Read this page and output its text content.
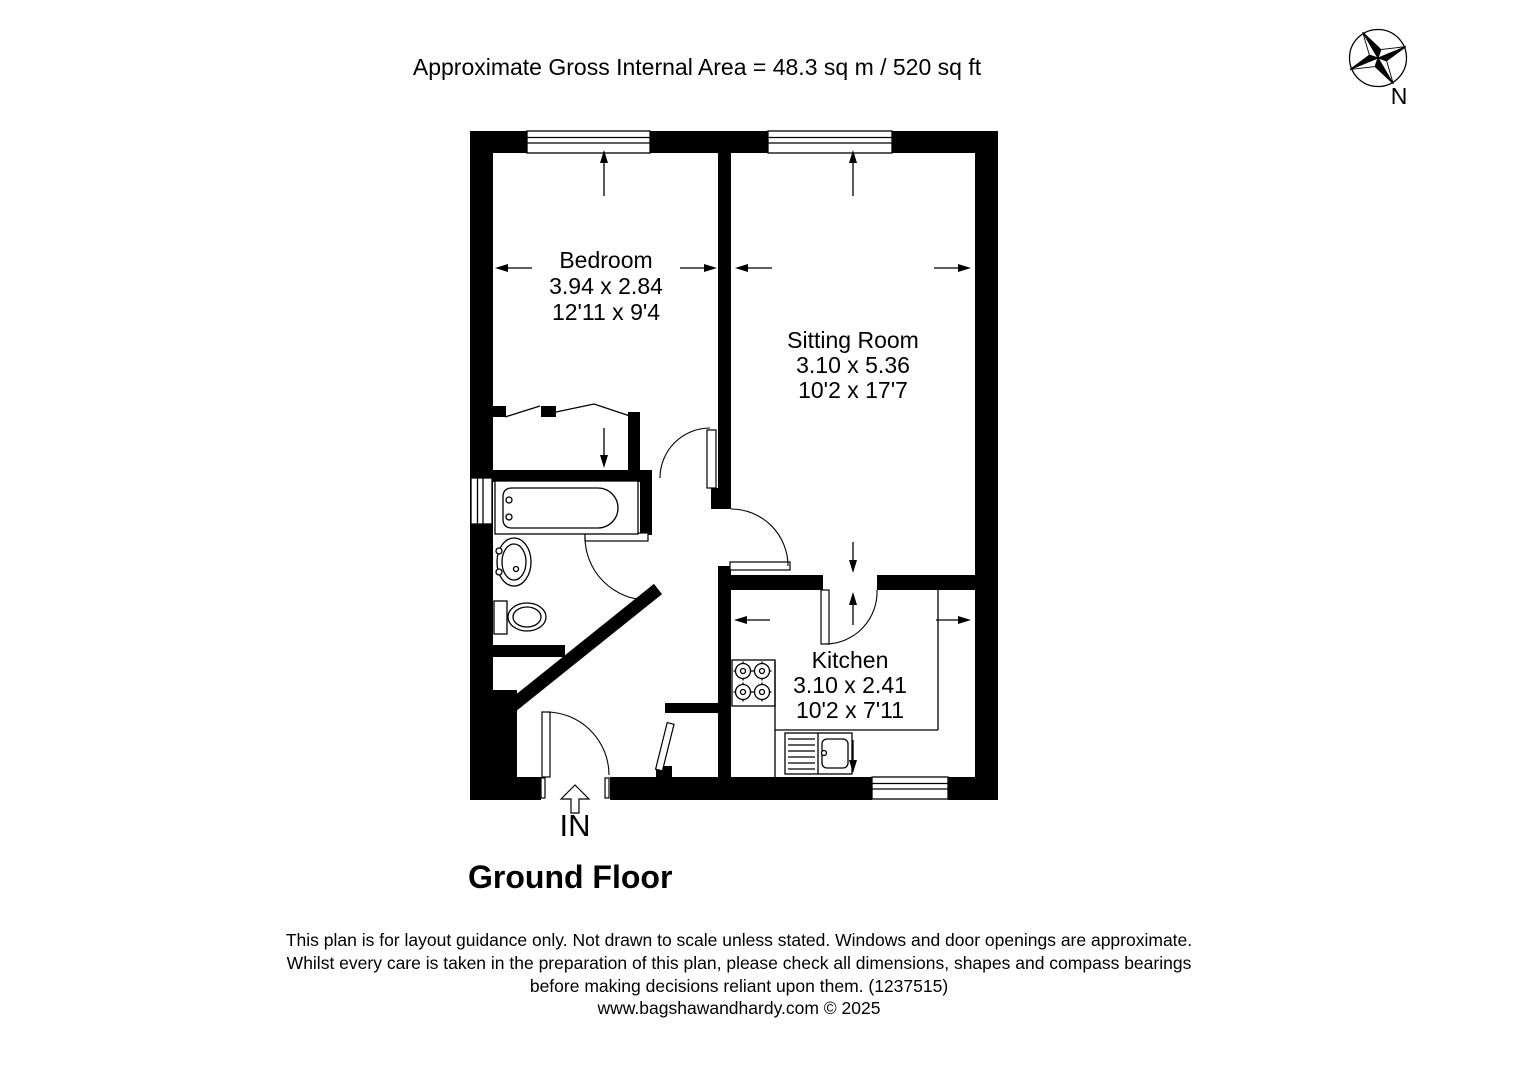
N
Approximate Gross Internal Area = 48.3 sq m / 520 sq ft
Bedroom
3.94 x 2.84
12'11 x 9'4
Sitting Room
3.10 x 5.36
10'2 x 17'7
Kitchen
3.10 x 2.41
10'2 x 7'11
IN
Ground Floor
This plan is for layout guidance only. Not drawn to scale unless stated. Windows and door openings are approximate.
Whilst every care is taken in the preparation of this plan, please check all dimensions, shapes and compass bearings
before making decisions reliant upon them. (1237515)
www.bagshawandhardy.com © 2025
